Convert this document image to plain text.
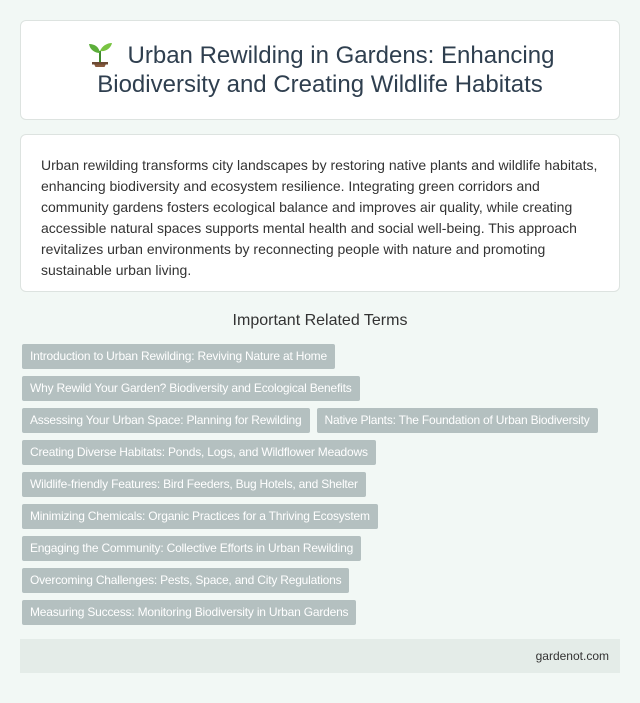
Urban Rewilding in Gardens: Enhancing Biodiversity and Creating Wildlife Habitats

Urban rewilding transforms city landscapes by restoring native plants and wildlife habitats, enhancing biodiversity and ecosystem resilience. Integrating green corridors and community gardens fosters ecological balance and improves air quality, while creating accessible natural spaces supports mental health and social well-being. This approach revitalizes urban environments by reconnecting people with nature and promoting sustainable urban living.

Important Related Terms
Introduction to Urban Rewilding: Reviving Nature at Home
Why Rewild Your Garden? Biodiversity and Ecological Benefits
Assessing Your Urban Space: Planning for Rewilding	Native Plants: The Foundation of Urban Biodiversity
Creating Diverse Habitats: Ponds, Logs, and Wildflower Meadows
Wildlife-friendly Features: Bird Feeders, Bug Hotels, and Shelter
Minimizing Chemicals: Organic Practices for a Thriving Ecosystem
Engaging the Community: Collective Efforts in Urban Rewilding
Overcoming Challenges: Pests, Space, and City Regulations
Measuring Success: Monitoring Biodiversity in Urban Gardens
gardenot.com
